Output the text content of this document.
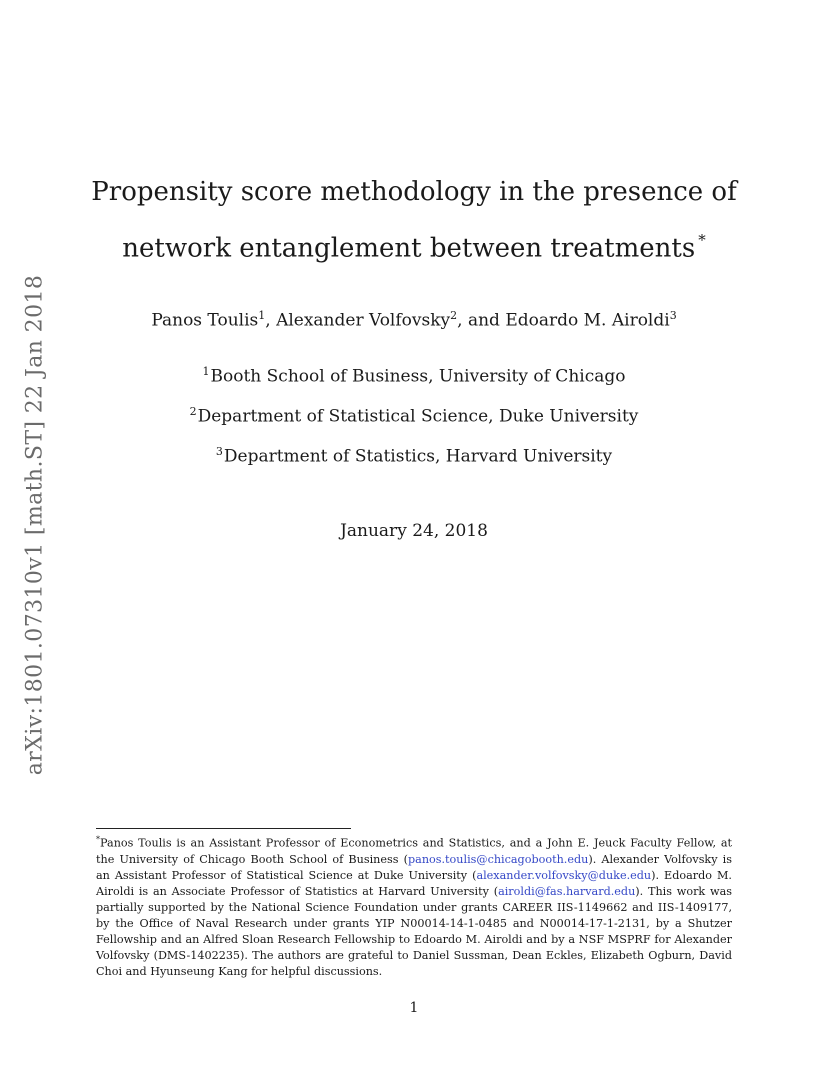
arXiv:1801.07310v1 [math.ST] 22 Jan 2018
Propensity score methodology in the presence of
network entanglement between treatments *
Panos Toulis$^1$, Alexander Volfovsky$^2$, and Edoardo M. Airoldi$^3$
$^1$Booth School of Business, University of Chicago
$^2$Department of Statistical Science, Duke University
$^3$Department of Statistics, Harvard University
January 24, 2018
*Panos Toulis is an Assistant Professor of Econometrics and Statistics, and a John E. Jeuck Faculty Fellow, at the University of Chicago Booth School of Business (panos.toulis@chicagobooth.edu). Alexander Volfovsky is an Assistant Professor of Statistical Science at Duke University (alexander.volfovsky@duke.edu). Edoardo M. Airoldi is an Associate Professor of Statistics at Harvard University (airoldi@fas.harvard.edu). This work was partially supported by the National Science Foundation under grants CAREER IIS-1149662 and IIS-1409177, by the Office of Naval Research under grants YIP N00014-14-1-0485 and N00014-17-1-2131, by a Shutzer Fellowship and an Alfred Sloan Research Fellowship to Edoardo M. Airoldi and by a NSF MSPRF for Alexander Volfovsky (DMS-1402235). The authors are grateful to Daniel Sussman, Dean Eckles, Elizabeth Ogburn, David Choi and Hyunseung Kang for helpful discussions.
1
